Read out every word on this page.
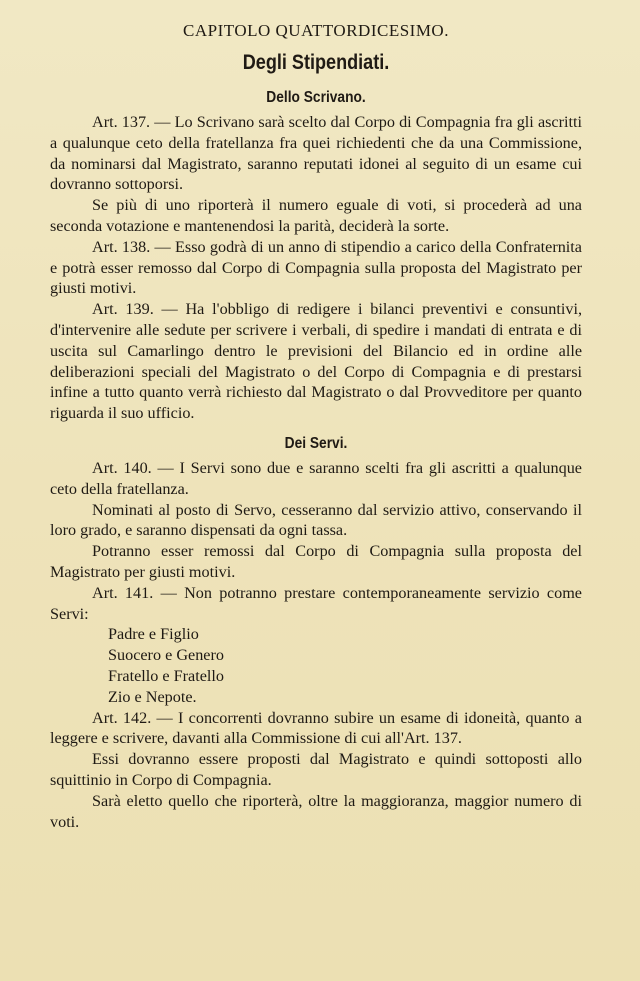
CAPITOLO QUATTORDICESIMO.
Degli Stipendiati.
Dello Scrivano.

Art. 137. — Lo Scrivano sarà scelto dal Corpo di Compagnia fra gli ascritti a qualunque ceto della fratellanza fra quei richiedenti che da una Commissione, da nominarsi dal Magistrato, saranno reputati idonei al seguito di un esame cui dovranno sottoporsi.

Se più di uno riporterà il numero eguale di voti, si procederà ad una seconda votazione e mantenendosi la parità, deciderà la sorte.

Art. 138. — Esso godrà di un anno di stipendio a carico della Confraternita e potrà esser remosso dal Corpo di Compagnia sulla proposta del Magistrato per giusti motivi.

Art. 139. — Ha l'obbligo di redigere i bilanci preventivi e consuntivi, d'intervenire alle sedute per scrivere i verbali, di spedire i mandati di entrata e di uscita sul Camarlingo dentro le previsioni del Bilancio ed in ordine alle deliberazioni speciali del Magistrato o del Corpo di Compagnia e di prestarsi infine a tutto quanto verrà richiesto dal Magistrato o dal Provveditore per quanto riguarda il suo ufficio.

Dei Servi.

Art. 140. — I Servi sono due e saranno scelti fra gli ascritti a qualunque ceto della fratellanza.

Nominati al posto di Servo, cesseranno dal servizio attivo, conservando il loro grado, e saranno dispensati da ogni tassa.

Potranno esser remossi dal Corpo di Compagnia sulla proposta del Magistrato per giusti motivi.

Art. 141. — Non potranno prestare contemporaneamente servizio come Servi:

Padre e Figlio
Suocero e Genero
Fratello e Fratello
Zio e Nepote.

Art. 142. — I concorrenti dovranno subire un esame di idoneità, quanto a leggere e scrivere, davanti alla Commissione di cui all'Art. 137.

Essi dovranno essere proposti dal Magistrato e quindi sottoposti allo squittinio in Corpo di Compagnia.

Sarà eletto quello che riporterà, oltre la maggioranza, maggior numero di voti.
